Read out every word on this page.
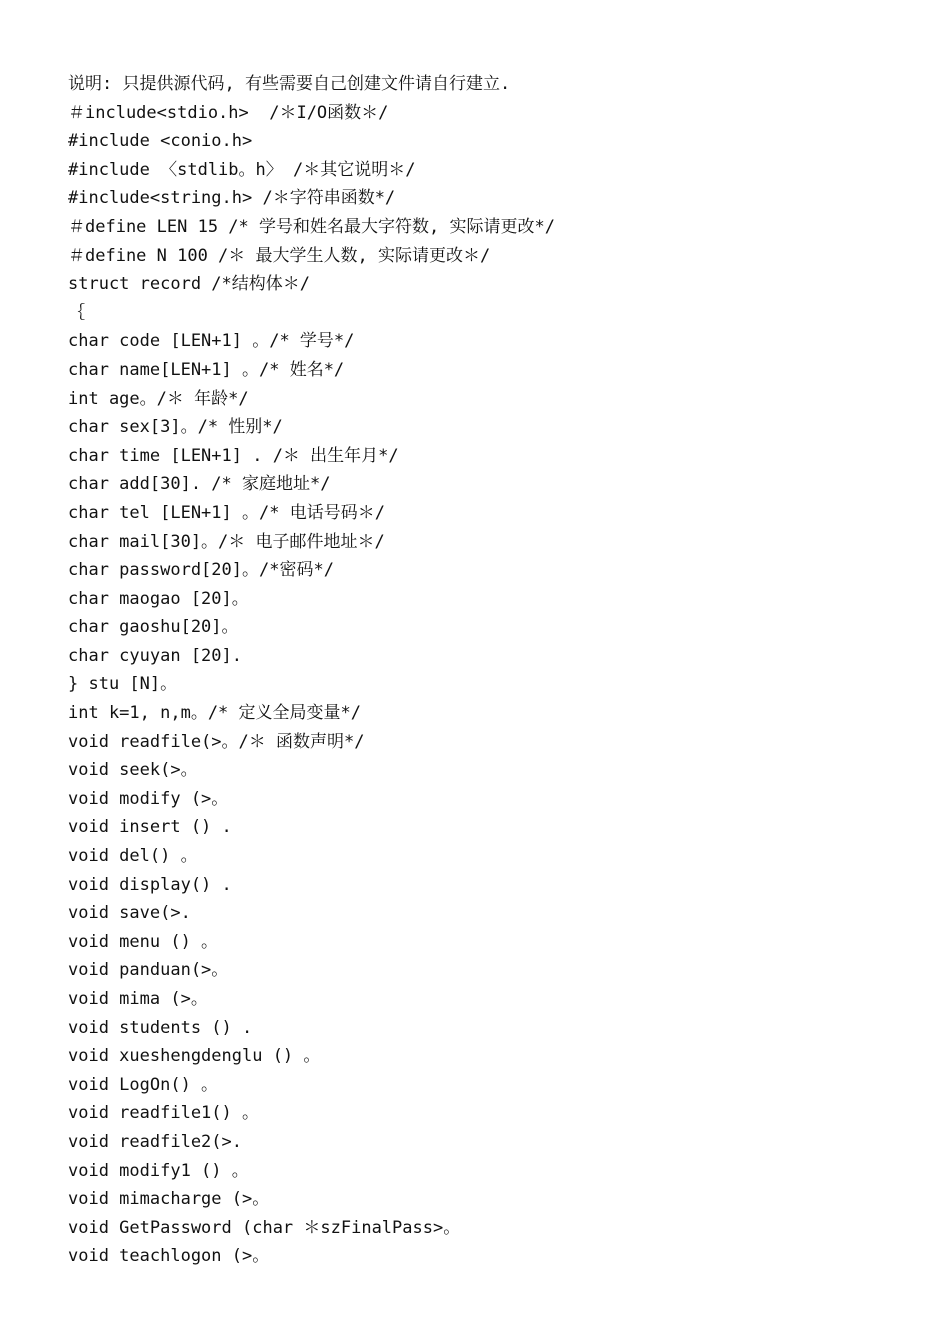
说明: 只提供源代码, 有些需要自己创建文件请自行建立.
＃include<stdio.h>  /＊I/O函数＊/
#include <conio.h>
#include 〈stdlib。h〉 /＊其它说明＊/
#include<string.h> /＊字符串函数*/
＃define LEN 15 /* 学号和姓名最大字符数, 实际请更改*/
＃define N 100 /＊ 最大学生人数, 实际请更改＊/
struct record /*结构体＊/
｛
char code [LEN+1] 。/* 学号*/
char name[LEN+1] 。/* 姓名*/
int age。/＊ 年龄*/
char sex[3]。/* 性别*/
char time [LEN+1] . /＊ 出生年月*/
char add[30]. /* 家庭地址*/
char tel [LEN+1] 。/* 电话号码＊/
char mail[30]。/＊ 电子邮件地址＊/
char password[20]。/*密码*/
char maogao [20]。
char gaoshu[20]。
char cyuyan [20].
} stu [N]。
int k=1, n,m。/* 定义全局变量*/
void readfile(>。/＊ 函数声明*/
void seek(>。
void modify (>。
void insert () .
void del() 。
void display() .
void save(>.
void menu () 。
void panduan(>。
void mima (>。
void students () .
void xueshengdenglu () 。
void LogOn() 。
void readfile1() 。
void readfile2(>.
void modify1 () 。
void mimacharge (>。
void GetPassword (char ＊szFinalPass>。
void teachlogon (>。
